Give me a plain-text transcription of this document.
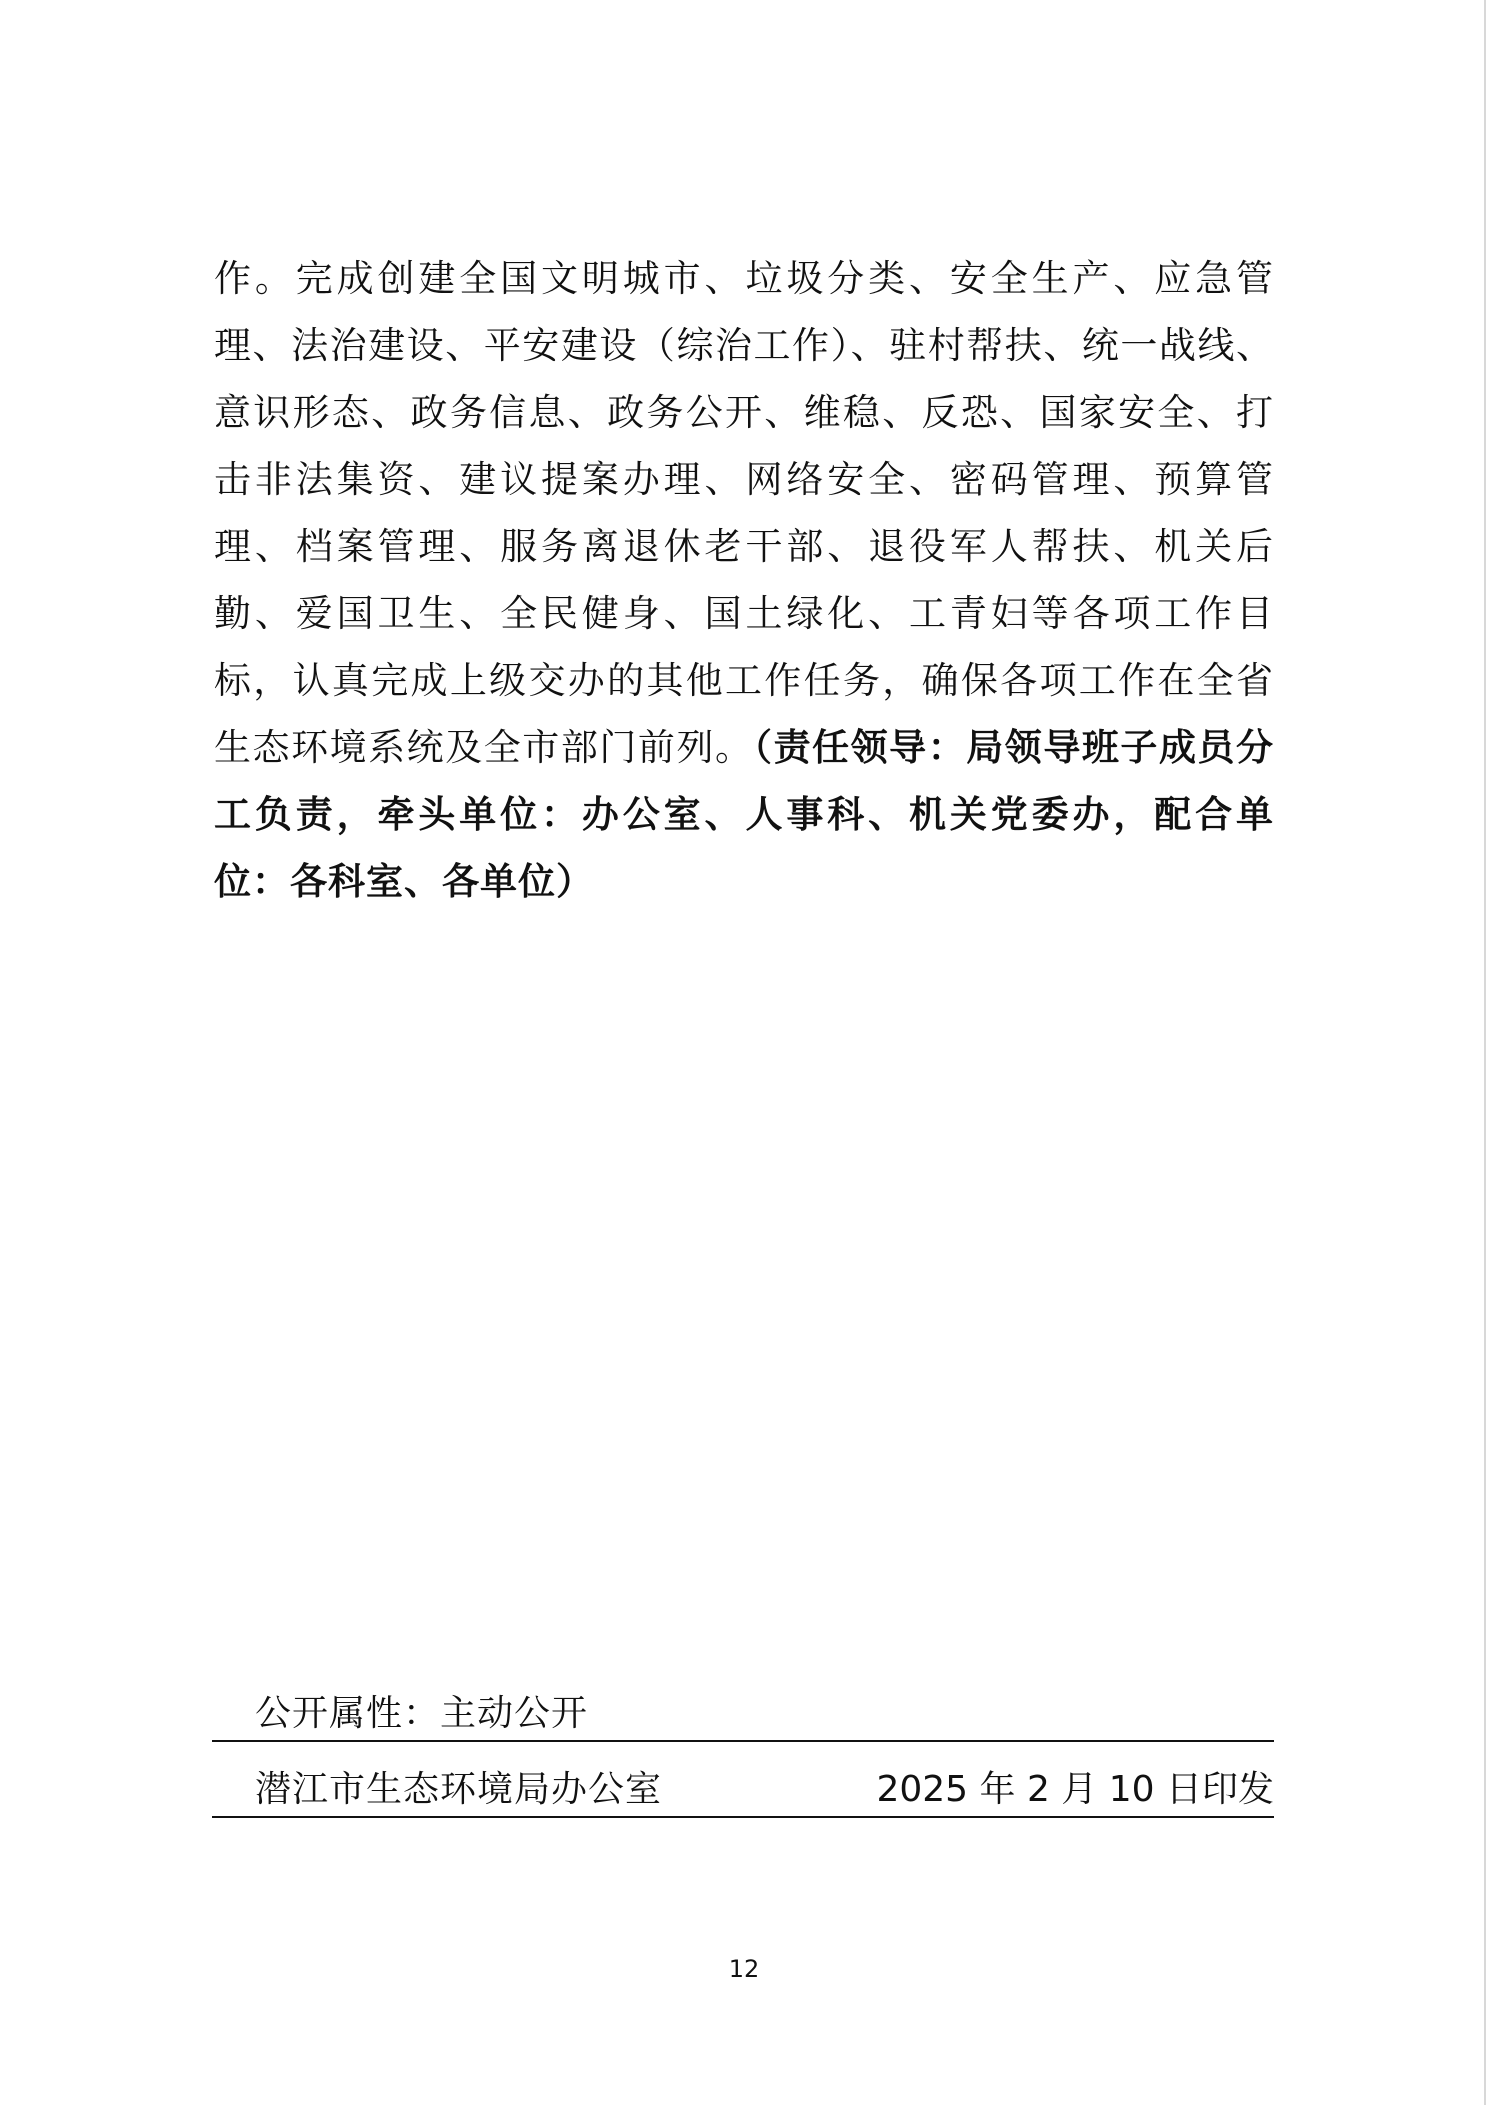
作。完成创建全国文明城市、垃圾分类、安全生产、应急管理、法治建设、平安建设（综治工作）、驻村帮扶、统一战线、意识形态、政务信息、政务公开、维稳、反恐、国家安全、打击非法集资、建议提案办理、网络安全、密码管理、预算管理、档案管理、服务离退休老干部、退役军人帮扶、机关后勤、爱国卫生、全民健身、国土绿化、工青妇等各项工作目标，认真完成上级交办的其他工作任务，确保各项工作在全省生态环境系统及全市部门前列。（责任领导：局领导班子成员分工负责，牵头单位：办公室、人事科、机关党委办，配合单位：各科室、各单位）

公开属性：主动公开
潜江市生态环境局办公室	2025 年 2 月 10 日印发
12
